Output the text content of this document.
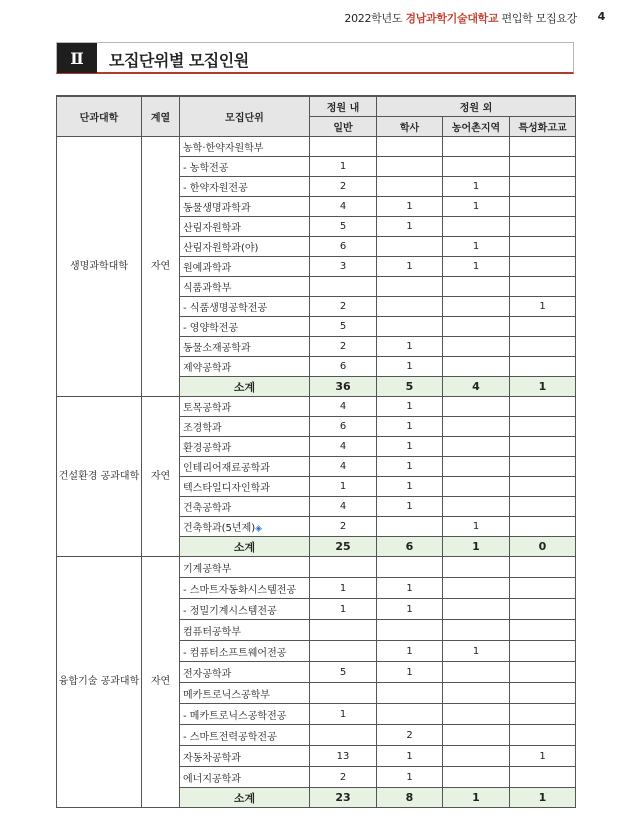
2022학년도 경남과학기술대학교 편입학 모집요강 4
Ⅱ	모집단위별 모집인원
단과대학	계열	모집단위	정원 내	정원 외		
			일반	학사	농어촌지역	특성화고교
생명과학대학	자연	농학·한약자원학부				
		- 농학전공	1			
		- 한약자원전공	2		1	
		동물생명과학과	4	1	1	
		산림자원학과	5	1		
		산림자원학과(야)	6		1	
		원예과학과	3	1	1	
		식품과학부				
		- 식품생명공학전공	2			1
		- 영양학전공	5			
		동물소재공학과	2	1		
		제약공학과	6	1		
		소계	36	5	4	1
건설환경 공과대학	자연	토목공학과	4	1		
		조경학과	6	1		
		환경공학과	4	1		
		인테리어재료공학과	4	1		
		텍스타일디자인학과	1	1		
		건축공학과	4	1		
		건축학과(5년제)◈	2		1	
		소계	25	6	1	0
융합기술 공과대학	자연	기계공학부				
		- 스마트자동화시스템전공	1	1		
		- 정밀기계시스템전공	1	1		
		컴퓨터공학부				
		- 컴퓨터소프트웨어전공		1	1	
		전자공학과	5	1		
		메카트로닉스공학부				
		- 메카트로닉스공학전공	1			
		- 스마트전력공학전공		2		
		자동차공학과	13	1		1
		에너지공학과	2	1		
		소계	23	8	1	1
